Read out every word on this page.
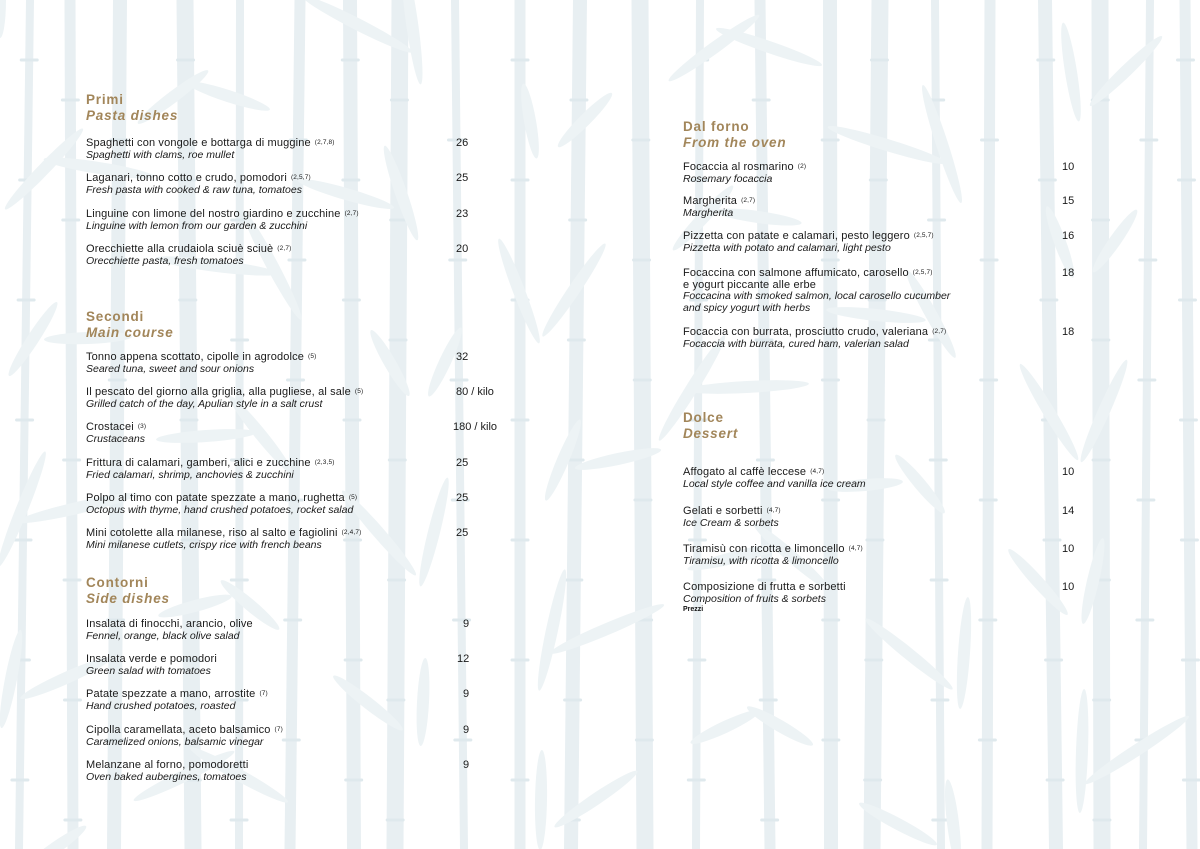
Primi
Pasta dishes
Spaghetti con vongole e bottarga di muggine $^{(2,7,8)}$
Spaghetti with clams, roe mullet
26
Laganari, tonno cotto e crudo, pomodori $^{(2,5,7)}$
Fresh pasta with cooked & raw tuna, tomatoes
25
Linguine con limone del nostro giardino e zucchine $^{(2,7)}$
Linguine with lemon from our garden & zucchini
23
Orecchiette alla crudaiola sciuè sciuè $^{(2,7)}$
Orecchiette pasta, fresh tomatoes
20
Secondi
Main course
Tonno appena scottato, cipolle in agrodolce $^{(5)}$
Seared tuna, sweet and sour onions
32
Il pescato del giorno alla griglia, alla pugliese, al sale $^{(5)}$
Grilled catch of the day, Apulian style in a salt crust
80 / kilo
Crostacei $^{(3)}$
Crustaceans
180 / kilo
Frittura di calamari, gamberi, alici e zucchine $^{(2,3,5)}$
Fried calamari, shrimp, anchovies & zucchini
25
Polpo al timo con patate spezzate a mano, rughetta $^{(5)}$
Octopus with thyme, hand crushed potatoes, rocket salad
25
Mini cotolette alla milanese, riso al salto e fagiolini $^{(2,4,7)}$
Mini milanese cutlets, crispy rice with french beans
25
Contorni
Side dishes
Insalata di finocchi, arancio, olive
Fennel, orange, black olive salad
9
Insalata verde e pomodori
Green salad with tomatoes
12
Patate spezzate a mano, arrostite $^{(7)}$
Hand crushed potatoes, roasted
9
Cipolla caramellata, aceto balsamico $^{(7)}$
Caramelized onions, balsamic vinegar
9
Melanzane al forno, pomodoretti
Oven baked aubergines, tomatoes
9
Dal forno
From the oven
Focaccia al rosmarino $^{(2)}$
Rosemary focaccia
10
Margherita $^{(2,7)}$
Margherita
15
Pizzetta con patate e calamari, pesto leggero $^{(2,5,7)}$
Pizzetta with potato and calamari, light pesto
16
Focaccina con salmone affumicato, carosello $^{(2,5,7)}$
e yogurt piccante alle erbe
Foccacina with smoked salmon, local carosello cucumber
and spicy yogurt with herbs
18
Focaccia con burrata, prosciutto crudo, valeriana $^{(2,7)}$
Focaccia with burrata, cured ham, valerian salad
18
Dolce
Dessert
Affogato al caffè leccese $^{(4,7)}$
Local style coffee and vanilla ice cream
10
Gelati e sorbetti $^{(4,7)}$
Ice Cream & sorbets
14
Tiramisù con ricotta e limoncello $^{(4,7)}$
Tiramisu, with ricotta & limoncello
10
Composizione di frutta e sorbetti
Composition of fruits & sorbets
Prezzi
10
